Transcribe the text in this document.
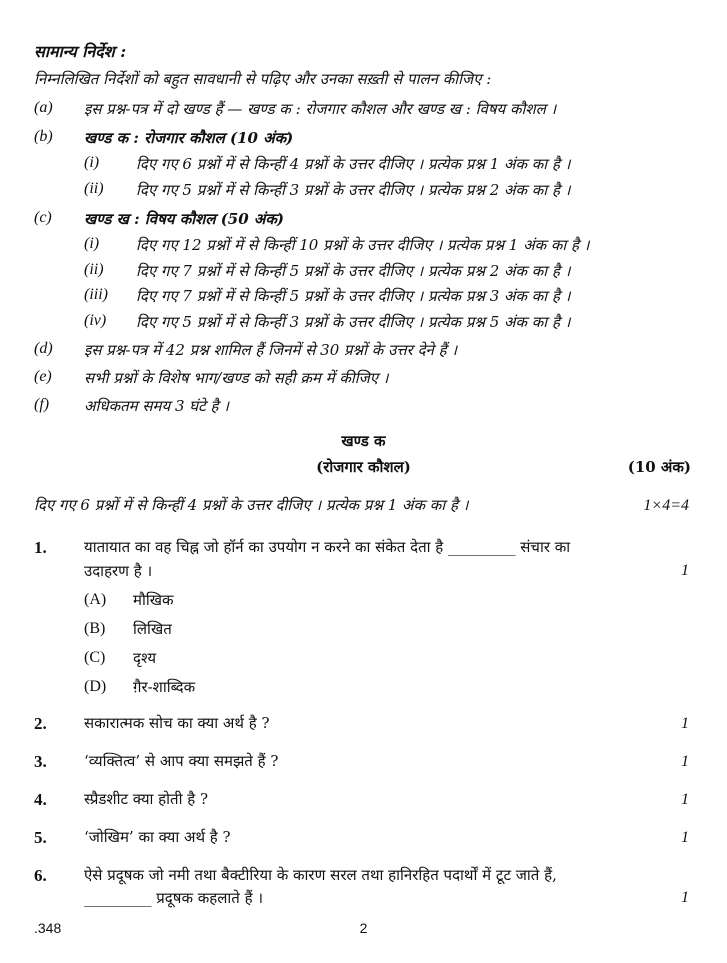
सामान्य निर्देश :
निम्नलिखित निर्देशों को बहुत सावधानी से पढ़िए और उनका सख़्ती से पालन कीजिए :
(a) इस प्रश्न-पत्र में दो खण्ड हैं — खण्ड क : रोजगार कौशल और खण्ड ख : विषय कौशल ।
(b) खण्ड क : रोजगार कौशल (10 अंक)
(i) दिए गए 6 प्रश्नों में से किन्हीं 4 प्रश्नों के उत्तर दीजिए । प्रत्येक प्रश्न 1 अंक का है ।
(ii) दिए गए 5 प्रश्नों में से किन्हीं 3 प्रश्नों के उत्तर दीजिए । प्रत्येक प्रश्न 2 अंक का है ।
(c) खण्ड ख : विषय कौशल (50 अंक)
(i) दिए गए 12 प्रश्नों में से किन्हीं 10 प्रश्नों के उत्तर दीजिए । प्रत्येक प्रश्न 1 अंक का है ।
(ii) दिए गए 7 प्रश्नों में से किन्हीं 5 प्रश्नों के उत्तर दीजिए । प्रत्येक प्रश्न 2 अंक का है ।
(iii) दिए गए 7 प्रश्नों में से किन्हीं 5 प्रश्नों के उत्तर दीजिए । प्रत्येक प्रश्न 3 अंक का है ।
(iv) दिए गए 5 प्रश्नों में से किन्हीं 3 प्रश्नों के उत्तर दीजिए । प्रत्येक प्रश्न 5 अंक का है ।
(d) इस प्रश्न-पत्र में 42 प्रश्न शामिल हैं जिनमें से 30 प्रश्नों के उत्तर देने हैं ।
(e) सभी प्रश्नों के विशेष भाग/खण्ड को सही क्रम में कीजिए ।
(f) अधिकतम समय 3 घंटे है ।
खण्ड क
(रोजगार कौशल)	(10 अंक)
दिए गए 6 प्रश्नों में से किन्हीं 4 प्रश्नों के उत्तर दीजिए । प्रत्येक प्रश्न 1 अंक का है ।	1×4=4
1. यातायात का वह चिह्न जो हॉर्न का उपयोग न करने का संकेत देता है _________ संचार का
उदाहरण है ।	1
(A) मौखिक
(B) लिखित
(C) दृश्य
(D) ग़ैर-शाब्दिक
2. सकारात्मक सोच का क्या अर्थ है ?	1
3. ‘व्यक्तित्व’ से आप क्या समझते हैं ?	1
4. स्प्रैडशीट क्या होती है ?	1
5. ‘जोखिम’ का क्या अर्थ है ?	1
6. ऐसे प्रदूषक जो नमी तथा बैक्टीरिया के कारण सरल तथा हानिरहित पदार्थों में टूट जाते हैं,
_________ प्रदूषक कहलाते हैं ।	1
.348	2
